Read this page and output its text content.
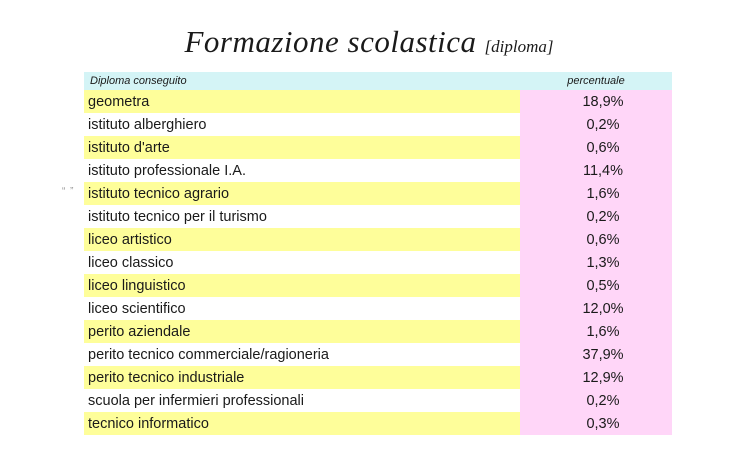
Formazione scolastica [diploma]
“ ”
Diploma conseguito	percentuale
geometra	18,9%
istituto alberghiero	0,2%
istituto d'arte	0,6%
istituto professionale I.A.	11,4%
istituto tecnico agrario	1,6%
istituto tecnico per il turismo	0,2%
liceo artistico	0,6%
liceo classico	1,3%
liceo linguistico	0,5%
liceo scientifico	12,0%
perito aziendale	1,6%
perito tecnico commerciale/ragioneria	37,9%
perito tecnico industriale	12,9%
scuola per infermieri professionali	0,2%
tecnico informatico	0,3%
